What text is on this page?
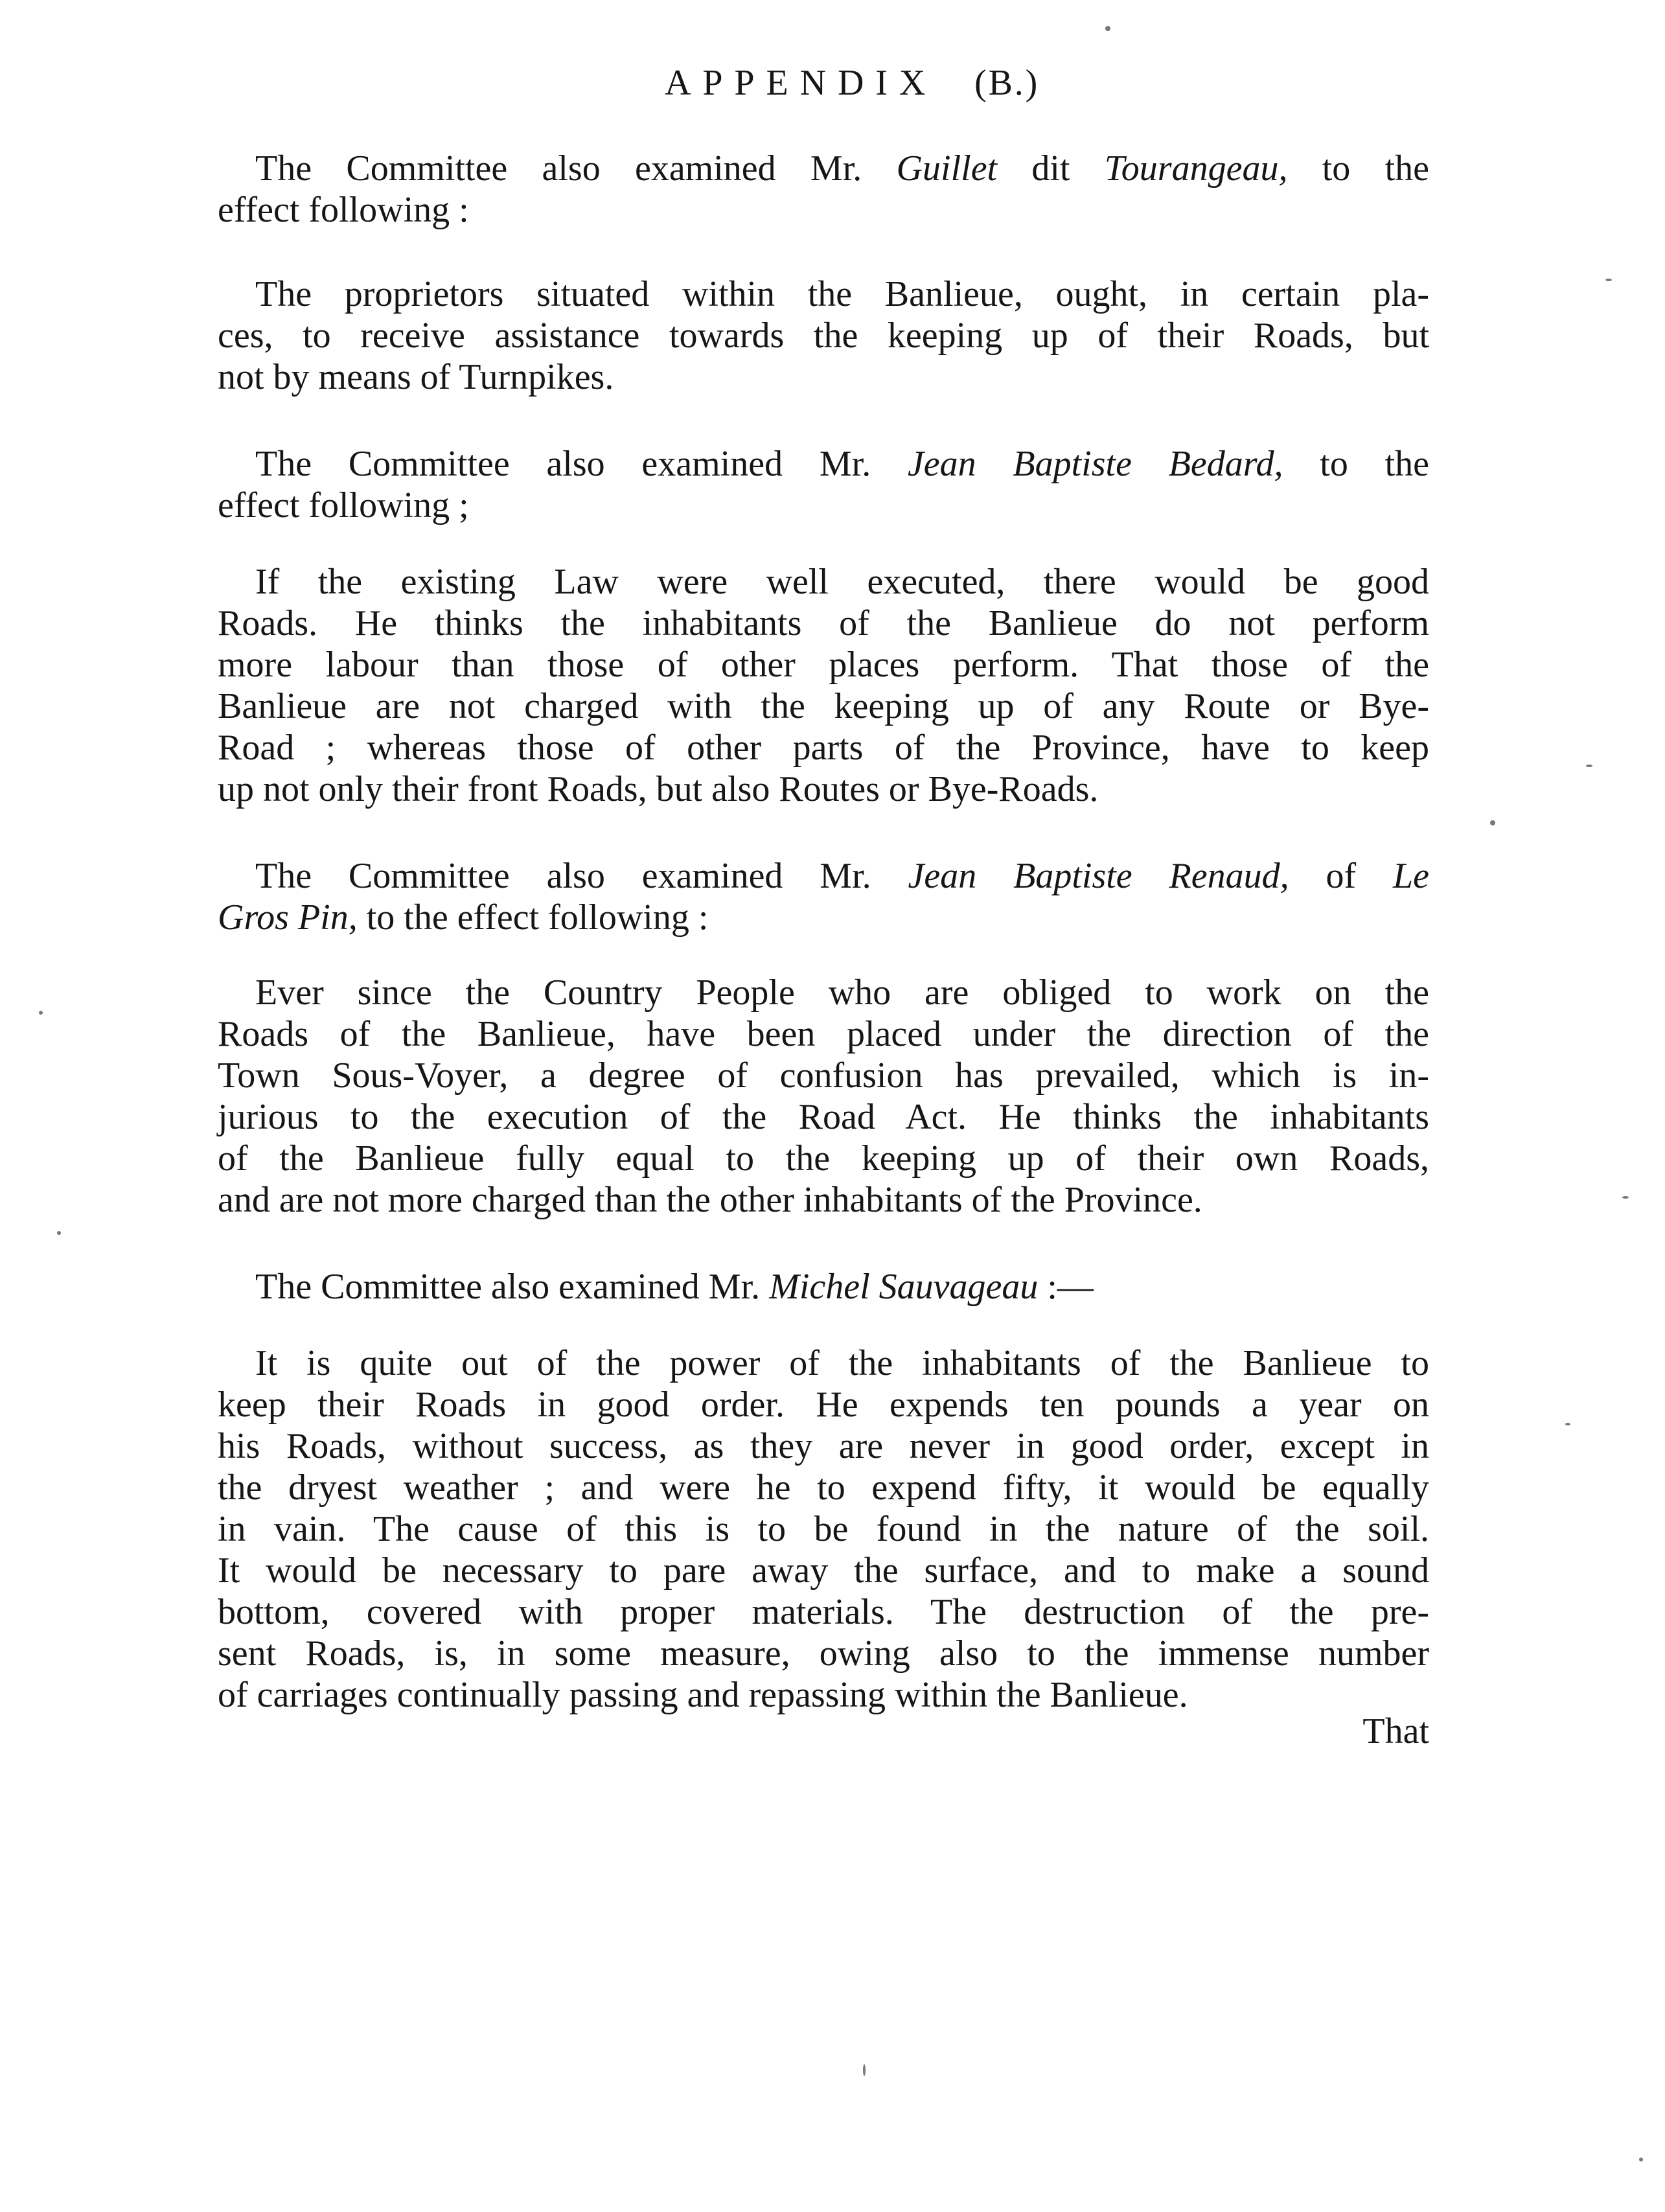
APPENDIX (B.)
The Committee also examined Mr. Guillet dit Tourangeau, to the
effect following :
The proprietors situated within the Banlieue, ought, in certain pla-
ces, to receive assistance towards the keeping up of their Roads, but
not by means of Turnpikes.
The Committee also examined Mr. Jean Baptiste Bedard, to the
effect following ;
If the existing Law were well executed, there would be good
Roads. He thinks the inhabitants of the Banlieue do not perform
more labour than those of other places perform. That those of the
Banlieue are not charged with the keeping up of any Route or Bye-
Road ; whereas those of other parts of the Province, have to keep
up not only their front Roads, but also Routes or Bye-Roads.
The Committee also examined Mr. Jean Baptiste Renaud, of Le
Gros Pin, to the effect following :
Ever since the Country People who are obliged to work on the
Roads of the Banlieue, have been placed under the direction of the
Town Sous-Voyer, a degree of confusion has prevailed, which is in-
jurious to the execution of the Road Act. He thinks the inhabitants
of the Banlieue fully equal to the keeping up of their own Roads,
and are not more charged than the other inhabitants of the Province.
The Committee also examined Mr. Michel Sauvageau :—
It is quite out of the power of the inhabitants of the Banlieue to
keep their Roads in good order. He expends ten pounds a year on
his Roads, without success, as they are never in good order, except in
the dryest weather ; and were he to expend fifty, it would be equally
in vain. The cause of this is to be found in the nature of the soil.
It would be necessary to pare away the surface, and to make a sound
bottom, covered with proper materials. The destruction of the pre-
sent Roads, is, in some measure, owing also to the immense number
of carriages continually passing and repassing within the Banlieue.
That
